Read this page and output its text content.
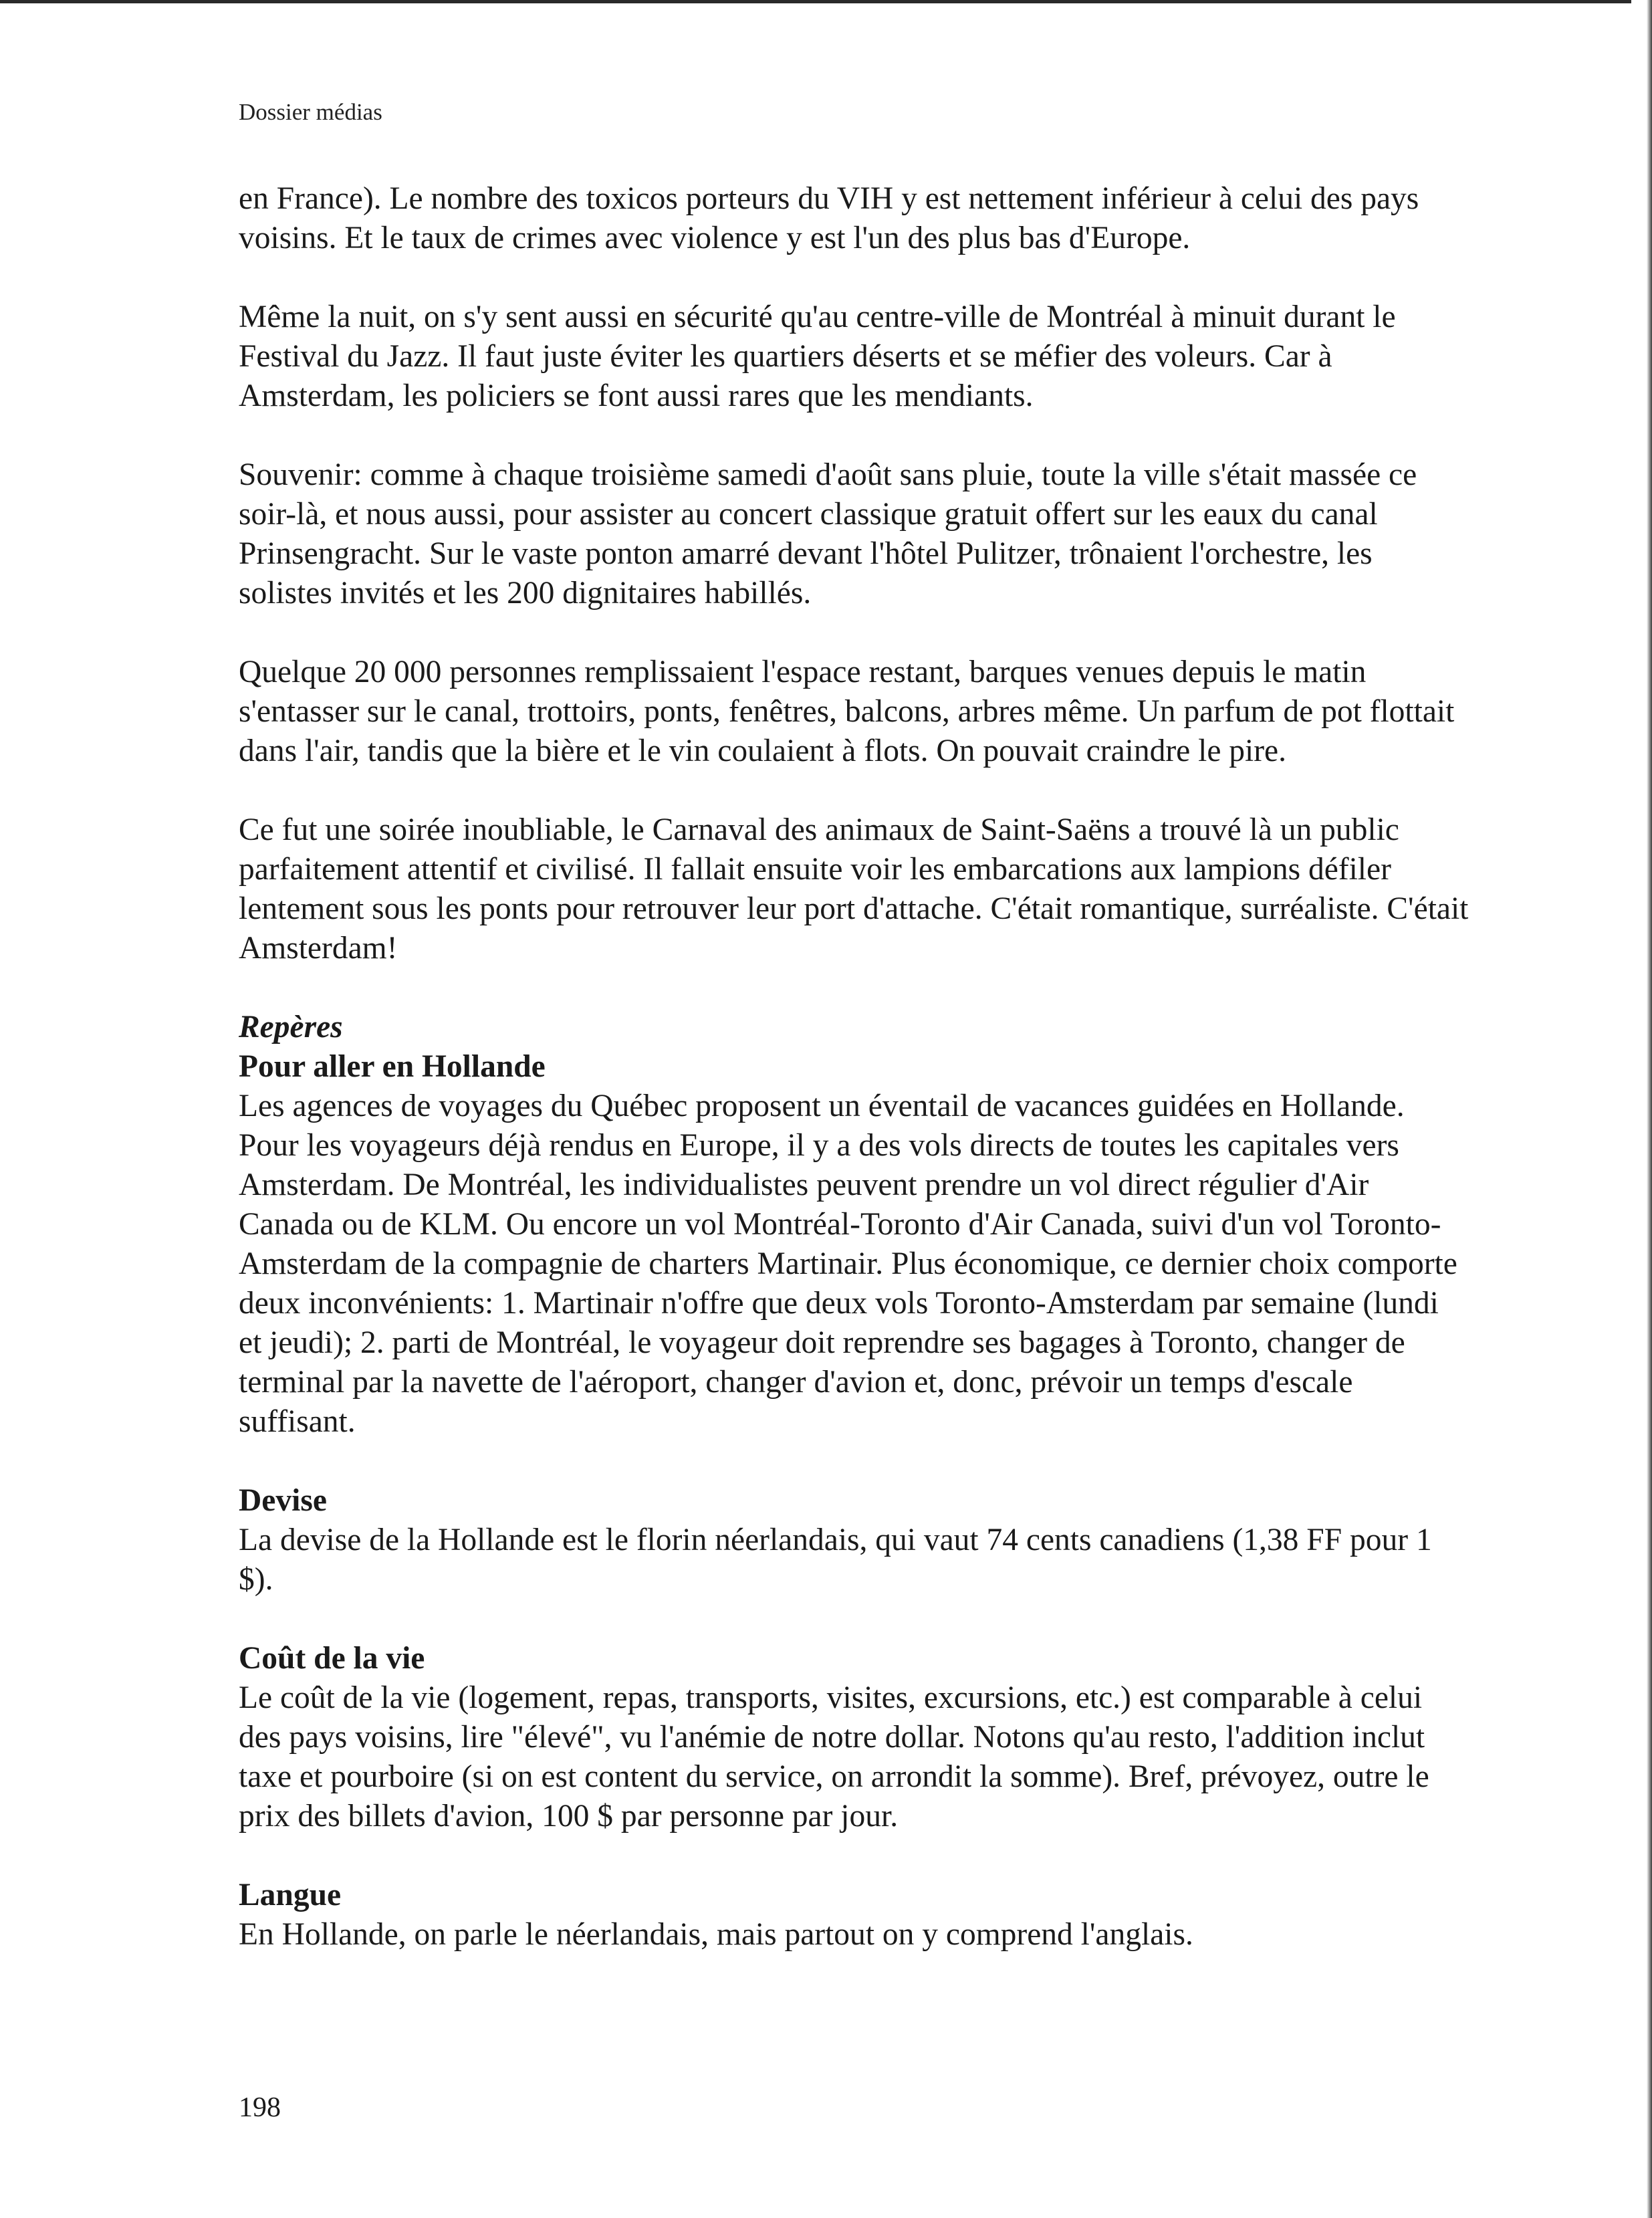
Dossier médias

en France). Le nombre des toxicos porteurs du VIH y est nettement inférieur à celui des pays voisins. Et le taux de crimes avec violence y est l'un des plus bas d'Europe.

Même la nuit, on s'y sent aussi en sécurité qu'au centre-ville de Montréal à minuit durant le Festival du Jazz. Il faut juste éviter les quartiers déserts et se méfier des voleurs. Car à Amsterdam, les policiers se font aussi rares que les mendiants.

Souvenir: comme à chaque troisième samedi d'août sans pluie, toute la ville s'était massée ce soir-là, et nous aussi, pour assister au concert classique gratuit offert sur les eaux du canal Prinsengracht. Sur le vaste ponton amarré devant l'hôtel Pulitzer, trônaient l'orchestre, les solistes invités et les 200 dignitaires habillés.

Quelque 20 000 personnes remplissaient l'espace restant, barques venues depuis le matin s'entasser sur le canal, trottoirs, ponts, fenêtres, balcons, arbres même. Un parfum de pot flottait dans l'air, tandis que la bière et le vin coulaient à flots. On pouvait craindre le pire.

Ce fut une soirée inoubliable, le Carnaval des animaux de Saint-Saëns a trouvé là un public parfaitement attentif et civilisé. Il fallait ensuite voir les embarcations aux lampions défiler lentement sous les ponts pour retrouver leur port d'attache. C'était romantique, surréaliste. C'était Amsterdam!

Repères
Pour aller en Hollande

Les agences de voyages du Québec proposent un éventail de vacances guidées en Hollande. Pour les voyageurs déjà rendus en Europe, il y a des vols directs de toutes les capitales vers Amsterdam. De Montréal, les individualistes peuvent prendre un vol direct régulier d'Air Canada ou de KLM. Ou encore un vol Montréal-Toronto d'Air Canada, suivi d'un vol Toronto-Amsterdam de la compagnie de charters Martinair. Plus économique, ce dernier choix comporte deux inconvénients: 1. Martinair n'offre que deux vols Toronto-Amsterdam par semaine (lundi et jeudi); 2. parti de Montréal, le voyageur doit reprendre ses bagages à Toronto, changer de terminal par la navette de l'aéroport, changer d'avion et, donc, prévoir un temps d'escale suffisant.

Devise

La devise de la Hollande est le florin néerlandais, qui vaut 74 cents canadiens (1,38 FF pour 1 $).

Coût de la vie

Le coût de la vie (logement, repas, transports, visites, excursions, etc.) est comparable à celui des pays voisins, lire "élevé", vu l'anémie de notre dollar. Notons qu'au resto, l'addition inclut taxe et pourboire (si on est content du service, on arrondit la somme). Bref, prévoyez, outre le prix des billets d'avion, 100 $ par personne par jour.

Langue

En Hollande, on parle le néerlandais, mais partout on y comprend l'anglais.

198
